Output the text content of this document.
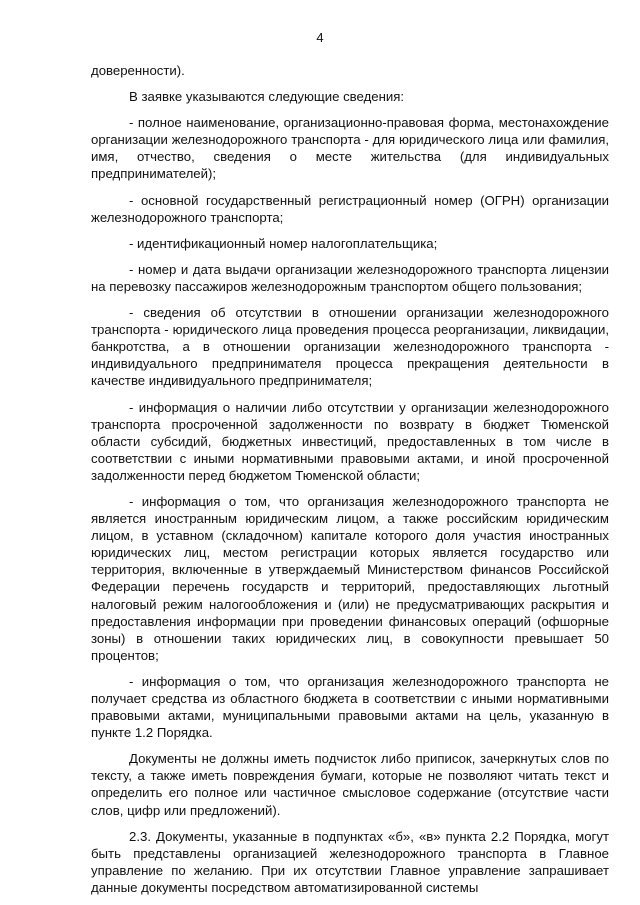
4

доверенности).

В заявке указываются следующие сведения:

- полное наименование, организационно-правовая форма, местонахождение организации железнодорожного транспорта - для юридического лица или фамилия, имя, отчество, сведения о месте жительства (для индивидуальных предпринимателей);

- основной государственный регистрационный номер (ОГРН) организации железнодорожного транспорта;

- идентификационный номер налогоплательщика;

- номер и дата выдачи организации железнодорожного транспорта лицензии на перевозку пассажиров железнодорожным транспортом общего пользования;

- сведения об отсутствии в отношении организации железнодорожного транспорта - юридического лица проведения процесса реорганизации, ликвидации, банкротства, а в отношении организации железнодорожного транспорта - индивидуального предпринимателя процесса прекращения деятельности в качестве индивидуального предпринимателя;

- информация о наличии либо отсутствии у организации железнодорожного транспорта просроченной задолженности по возврату в бюджет Тюменской области субсидий, бюджетных инвестиций, предоставленных в том числе в соответствии с иными нормативными правовыми актами, и иной просроченной задолженности перед бюджетом Тюменской области;

- информация о том, что организация железнодорожного транспорта не является иностранным юридическим лицом, а также российским юридическим лицом, в уставном (складочном) капитале которого доля участия иностранных юридических лиц, местом регистрации которых является государство или территория, включенные в утверждаемый Министерством финансов Российской Федерации перечень государств и территорий, предоставляющих льготный налоговый режим налогообложения и (или) не предусматривающих раскрытия и предоставления информации при проведении финансовых операций (офшорные зоны) в отношении таких юридических лиц, в совокупности превышает 50 процентов;

- информация о том, что организация железнодорожного транспорта не получает средства из областного бюджета в соответствии с иными нормативными правовыми актами, муниципальными правовыми актами на цель, указанную в пункте 1.2 Порядка.

Документы не должны иметь подчисток либо приписок, зачеркнутых слов по тексту, а также иметь повреждения бумаги, которые не позволяют читать текст и определить его полное или частичное смысловое содержание (отсутствие части слов, цифр или предложений).

2.3. Документы, указанные в подпунктах «б», «в» пункта 2.2 Порядка, могут быть представлены организацией железнодорожного транспорта в Главное управление по желанию. При их отсутствии Главное управление запрашивает данные документы посредством автоматизированной системы
